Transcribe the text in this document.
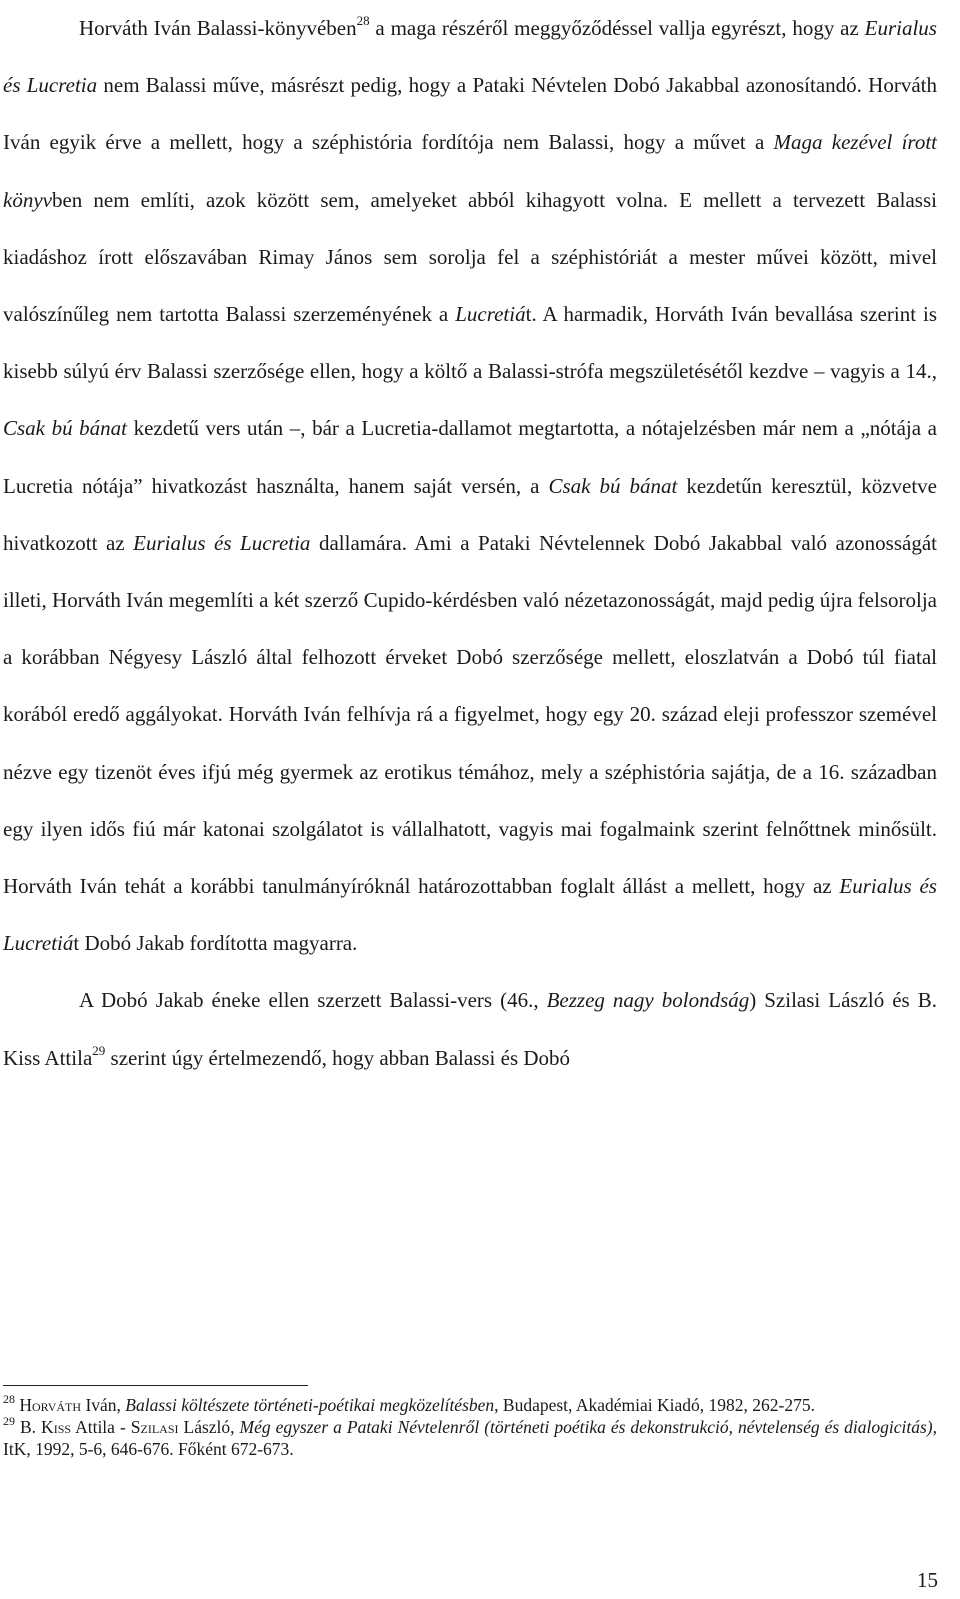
Horváth Iván Balassi-könyvében$^{28}$ a maga részéről meggyőződéssel vallja egyrészt, hogy az Eurialus és Lucretia nem Balassi műve, másrészt pedig, hogy a Pataki Névtelen Dobó Jakabbal azonosítandó. Horváth Iván egyik érve a mellett, hogy a széphistória fordítója nem Balassi, hogy a művet a Maga kezével írott könyvben nem említi, azok között sem, amelyeket abból kihagyott volna. E mellett a tervezett Balassi kiadáshoz írott előszavában Rimay János sem sorolja fel a széphistóriát a mester művei között, mivel valószínűleg nem tartotta Balassi szerzeményének a Lucretiát. A harmadik, Horváth Iván bevallása szerint is kisebb súlyú érv Balassi szerzősége ellen, hogy a költő a Balassi-strófa megszületésétől kezdve – vagyis a 14., Csak bú bánat kezdetű vers után –, bár a Lucretia-dallamot megtartotta, a nótajelzésben már nem a „nótája a Lucretia nótája” hivatkozást használta, hanem saját versén, a Csak bú bánat kezdetűn keresztül, közvetve hivatkozott az Eurialus és Lucretia dallamára. Ami a Pataki Névtelennek Dobó Jakabbal való azonosságát illeti, Horváth Iván megemlíti a két szerző Cupido-kérdésben való nézetazonosságát, majd pedig újra felsorolja a korábban Négyesy László által felhozott érveket Dobó szerzősége mellett, eloszlatván a Dobó túl fiatal korából eredő aggályokat. Horváth Iván felhívja rá a figyelmet, hogy egy 20. század eleji professzor szemével nézve egy tizenöt éves ifjú még gyermek az erotikus témához, mely a széphistória sajátja, de a 16. században egy ilyen idős fiú már katonai szolgálatot is vállalhatott, vagyis mai fogalmaink szerint felnőttnek minősült. Horváth Iván tehát a korábbi tanulmányíróknál határozottabban foglalt állást a mellett, hogy az Eurialus és Lucretiát Dobó Jakab fordította magyarra.

A Dobó Jakab éneke ellen szerzett Balassi-vers (46., Bezzeg nagy bolondság) Szilasi László és B. Kiss Attila$^{29}$ szerint úgy értelmezendő, hogy abban Balassi és Dobó

$^{28}$ Horváth Iván, Balassi költészete történeti-poétikai megközelítésben, Budapest, Akadémiai Kiadó, 1982, 262-275.

$^{29}$ B. Kiss Attila - Szilasi László, Még egyszer a Pataki Névtelenről (történeti poétika és dekonstrukció, névtelenség és dialogicitás), ItK, 1992, 5-6, 646-676. Főként 672-673.

15
